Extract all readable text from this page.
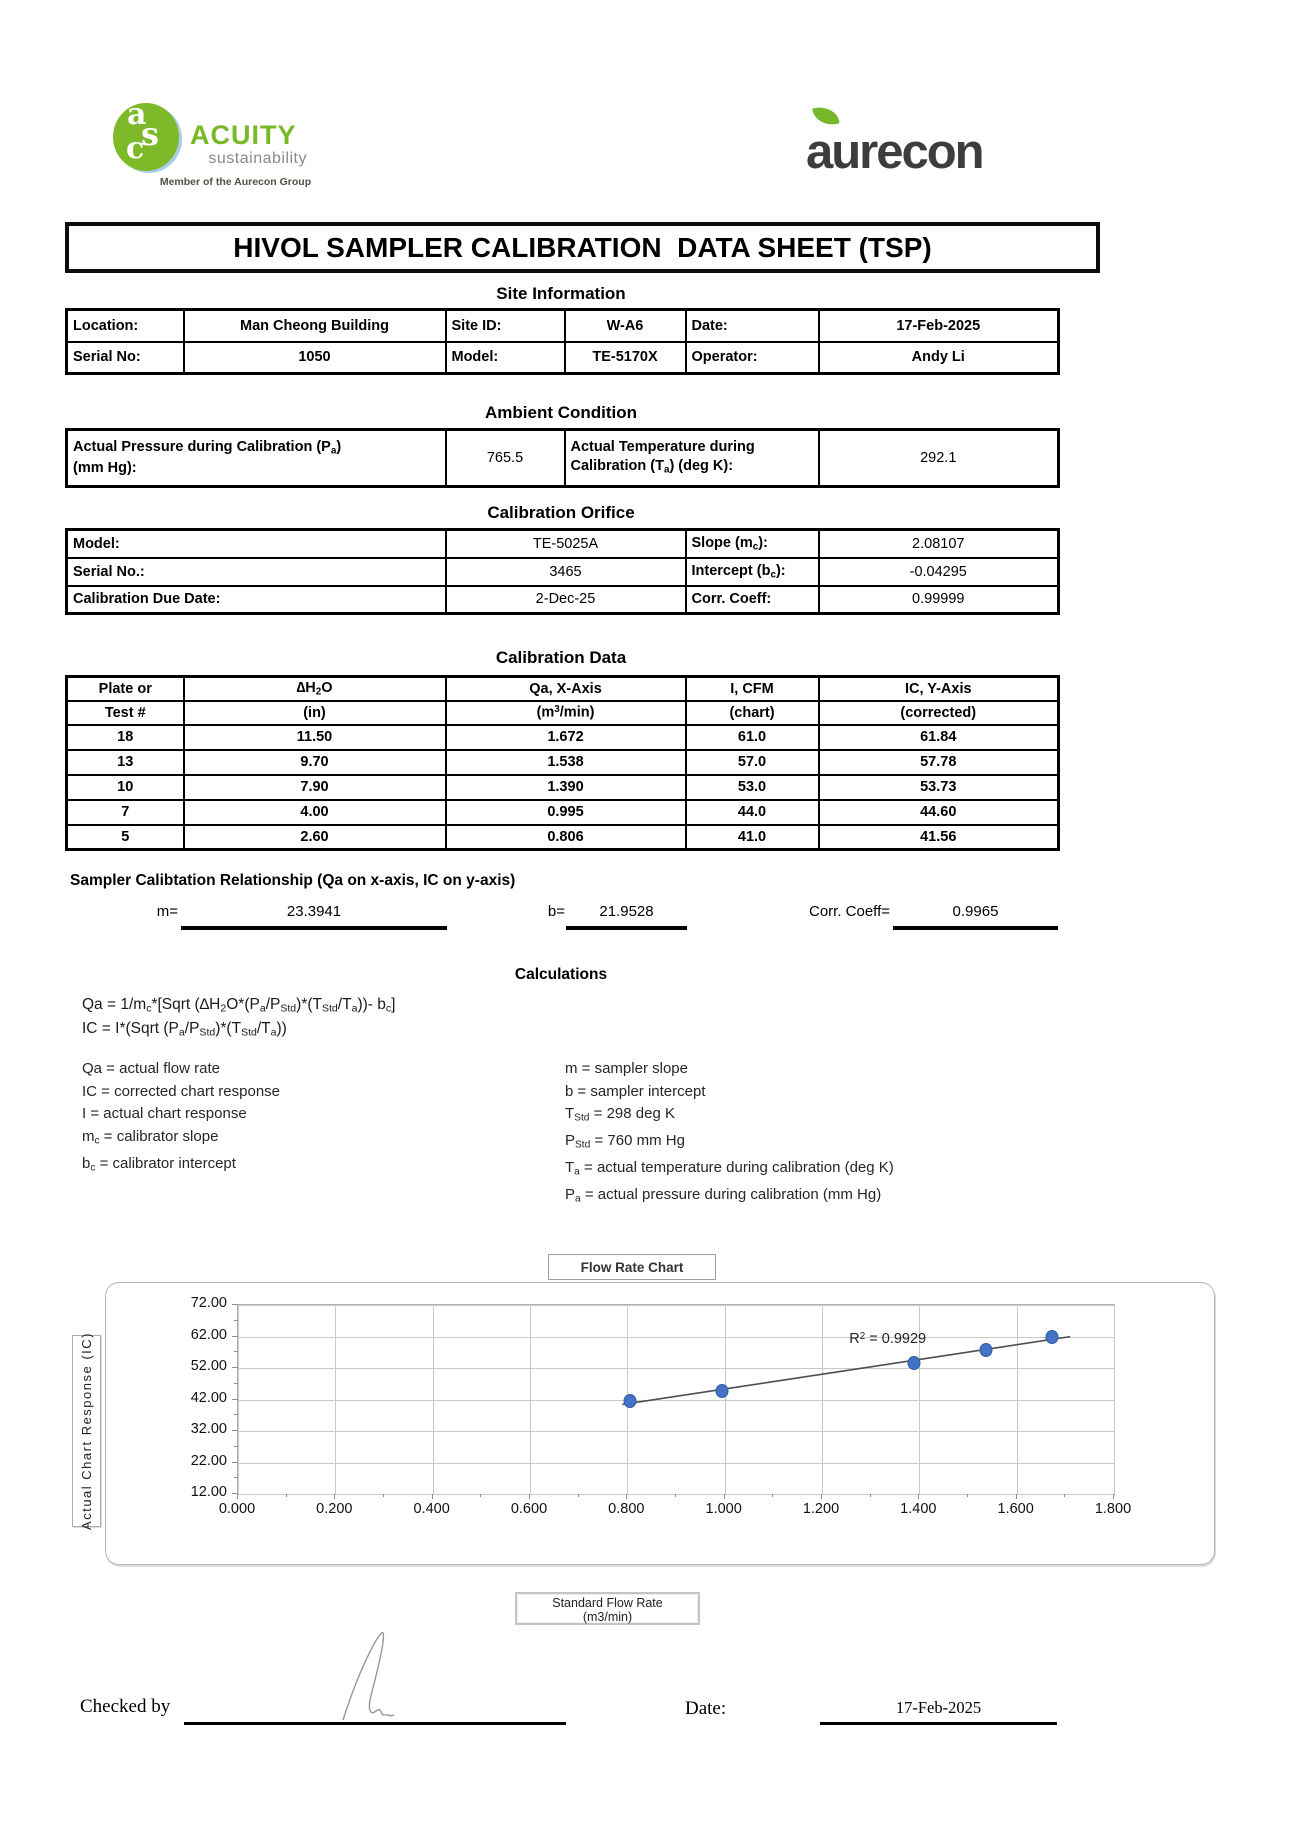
a
s
c ACUITY
sustainability
Member of the Aurecon Group
aurecon
HIVOL SAMPLER CALIBRATION  DATA SHEET (TSP)
Site Information
Location:	Man Cheong Building	Site ID:	W-A6	Date:	17-Feb-2025
Serial No:	1050	Model:	TE-5170X	Operator:	Andy Li
Ambient Condition
Actual Pressure during Calibration $(P_a)$
(mm Hg):	765.5	Actual Temperature during
Calibration $(T_a)$ (deg K):	292.1
Calibration Orifice
Model:	TE-5025A	Slope $(m_c)$:	2.08107
Serial No.:	3465	Intercept $(b_c)$:	-0.04295
Calibration Due Date:	2-Dec-25	Corr. Coeff:	0.99999
Calibration Data
Plate or	$\Delta H_2O$	Qa, X-Axis	I, CFM	IC, Y-Axis
Test #	(in)	$(m^3/\min)$	(chart)	(corrected)
18	11.50	1.672	61.0	61.84
13	9.70	1.538	57.0	57.78
10	7.90	1.390	53.0	53.73
7	4.00	0.995	44.0	44.60
5	2.60	0.806	41.0	41.56
Sampler Calibtation Relationship (Qa on x-axis, IC on y-axis)
m=	23.3941	b=	21.9528	Corr. Coeff=	0.9965
Calculations
$Qa = 1/m_c*[Sqrt$ $(\Delta H_2O*(P_a/P_{Std})*(T_{Std}/T_a))-$ $b_c$]
IC = I*(Sqrt $(P_a/P_{Std})*(T_{Std}/T_a)$)
Qa = actual flow rate
IC = corrected chart response
I = actual chart response
$m_c$ = calibrator slope
$b_c$ = calibrator intercept
m = sampler slope
b = sampler intercept
$T_{Std} = 298$ deg K
$P_{Std} = 760$ mm Hg
$T_a$ = actual temperature during calibration (deg K)
$P_a$ = actual pressure during calibration (mm Hg)
Flow Rate Chart
Actual Chart Response (IC)	$R^2 = 0.9929$
0.000	0.200	0.400	0.600	0.800	1.000	1.200	1.400	1.600	1.800
72.00
62.00
52.00
42.00
32.00
22.00
12.00
Standard Flow Rate
(m3/min)
Checked by	Date:	17-Feb-2025
